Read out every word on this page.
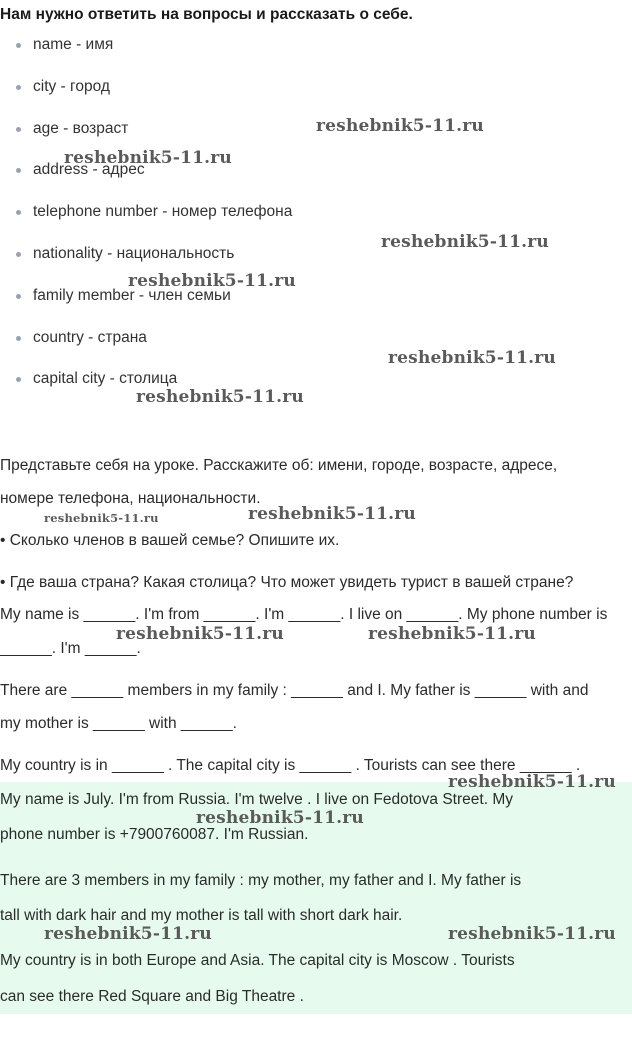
Нам нужно ответить на вопросы и рассказать о себе.
name - имя
city - город
age - возраст
address - адрес
telephone number - номер телефона
nationality - национальность
family member - член семьи
country - страна
capital city - столица
Представьте себя на уроке. Расскажите об: имени, городе, возрасте, адресе,
номере телефона, национальности.
• Сколько членов в вашей семье? Опишите их.
• Где ваша страна? Какая столица? Что может увидеть турист в вашей стране?
My name is ______. I'm from ______. I'm ______. I live on ______. My phone number is
______. I'm ______.
There are ______ members in my family : ______ and I. My father is ______ with and
my mother is ______ with ______.
My country is in ______ . The capital city is ______ . Tourists can see there ______ .
My name is July. I'm from Russia. I'm twelve . I live on Fedotova Street. My
phone number is +7900760087. I'm Russian.
There are 3 members in my family : my mother, my father and I. My father is
tall with dark hair and my mother is tall with short dark hair.
My country is in both Europe and Asia. The capital city is Moscow . Tourists
can see there Red Square and Big Theatre .
reshebnik5-11.ru
reshebnik5-11.ru
reshebnik5-11.ru
reshebnik5-11.ru
reshebnik5-11.ru
reshebnik5-11.ru
reshebnik5-11.ru	reshebnik5-11.ru
reshebnik5-11.ru	reshebnik5-11.ru
reshebnik5-11.ru
reshebnik5-11.ru
reshebnik5-11.ru	reshebnik5-11.ru
